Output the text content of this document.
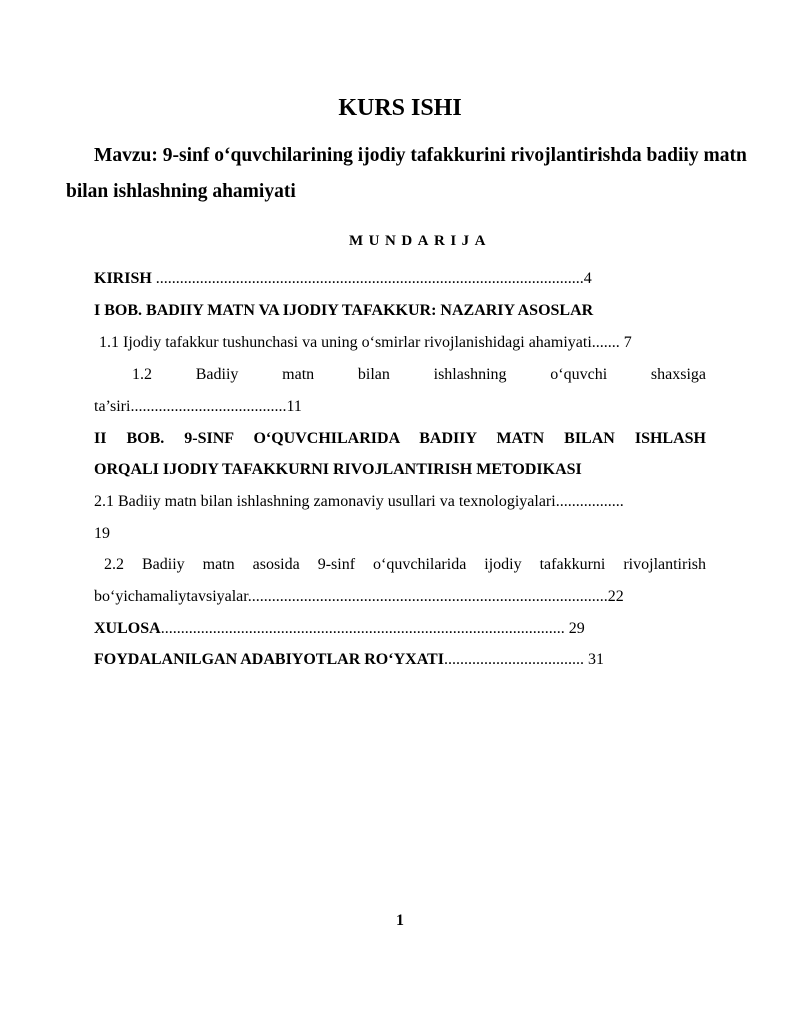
KURS ISHI
Mavzu: 9-sinf o‘quvchilarining ijodiy tafakkurini rivojlantirishda badiiy matn bilan ishlashning ahamiyati
MUNDARIJA
KIRISH ...........................................................................................................4
I BOB. BADIIY MATN VA IJODIY TAFAKKUR: NAZARIY ASOSLAR
1.1 Ijodiy tafakkur tushunchasi va uning o‘smirlar rivojlanishidagi ahamiyati....... 7
1.2 Badiiy matn bilan ishlashning o‘quvchi shaxsiga
ta’siri.......................................11
II BOB. 9-SINF O‘QUVCHILARIDA BADIIY MATN BILAN ISHLASH
ORQALI IJODIY TAFAKKURNI RIVOJLANTIRISH METODIKASI
2.1 Badiiy matn bilan ishlashning zamonaviy usullari va texnologiyalari.................
19
2.2 Badiiy matn asosida 9-sinf o‘quvchilarida ijodiy tafakkurni rivojlantirish
bo‘yichamaliytavsiyalar..........................................................................................22
XULOSA..................................................................................................... 29
FOYDALANILGAN ADABIYOTLAR RO‘YXATI................................... 31
1
